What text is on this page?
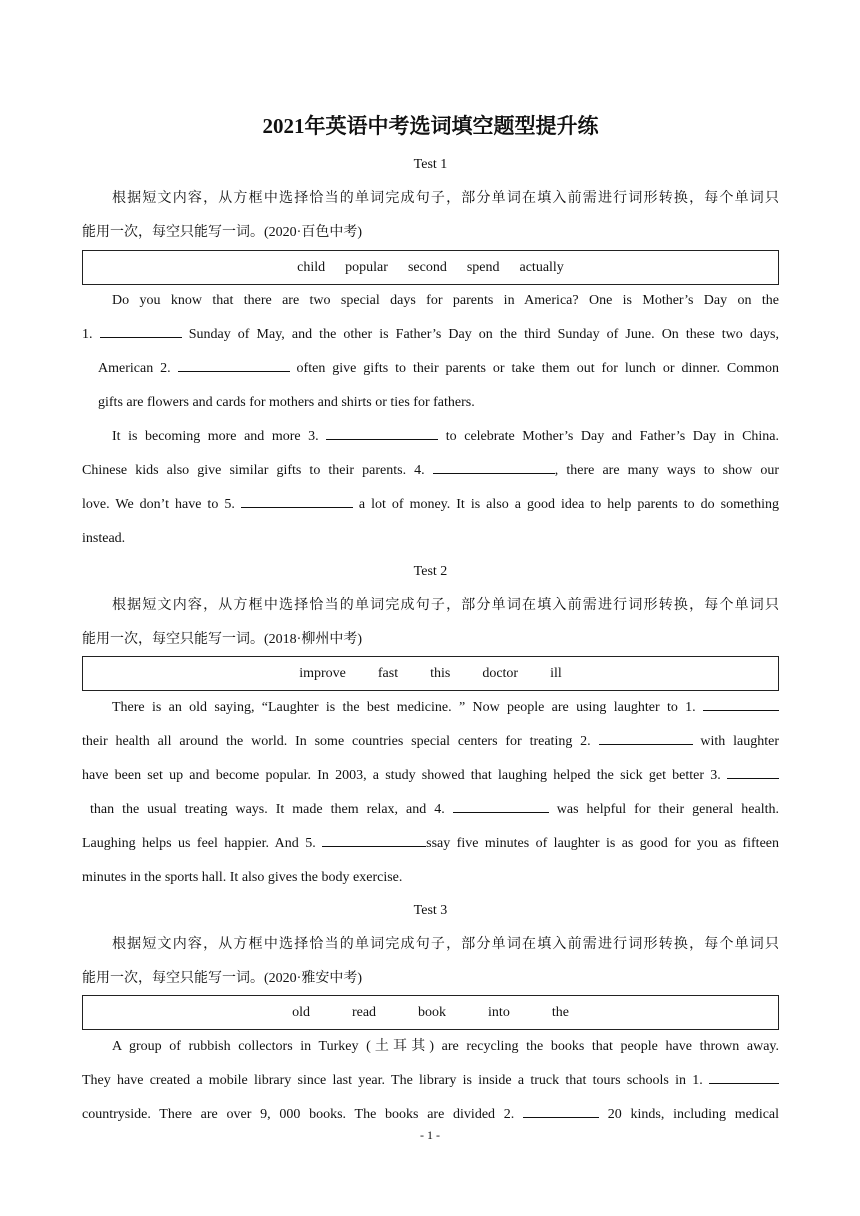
2021年英语中考选词填空题型提升练
Test 1
根据短文内容，从方框中选择恰当的单词完成句子，部分单词在填入前需进行词形转换，每个单词只
能用一次，每空只能写一词。(2020·百色中考)
child popular second spend actually
Do you know that there are two special days for parents in America? One is Mother’s Day on the
1.	Sunday of May, and the other is Father’s Day on the third Sunday of June. On these two days,
American 2.	often give gifts to their parents or take them out for lunch or dinner. Common
gifts are flowers and cards for mothers and shirts or ties for fathers.
It is becoming more and more 3.	to celebrate Mother’s Day and Father’s Day in China.
Chinese kids also give similar gifts to their parents. 4.	, there are many ways to show our
love. We don’t have to 5.	a lot of money. It is also a good idea to help parents to do something
instead.
Test 2
根据短文内容，从方框中选择恰当的单词完成句子，部分单词在填入前需进行词形转换，每个单词只
能用一次，每空只能写一词。(2018·柳州中考)
improve fast this doctor ill
There is an old saying, “Laughter is the best medicine. ” Now people are using laughter to 1.
their health all around the world. In some countries special centers for treating 2.	with laughter
have been set up and become popular. In 2003, a study showed that laughing helped the sick get better 3.
than the usual treating ways. It made them relax, and 4.	was helpful for their general health.
Laughing helps us feel happier. And 5.	ssay five minutes of laughter is as good for you as fifteen
minutes in the sports hall. It also gives the body exercise.
Test 3
根据短文内容，从方框中选择恰当的单词完成句子，部分单词在填入前需进行词形转换，每个单词只
能用一次，每空只能写一词。(2020·雅安中考)
old	read	book	into	the
A group of rubbish collectors in Turkey (土耳其) are recycling the books that people have thrown away.
They have created a mobile library since last year. The library is inside a truck that tours schools in 1.
countryside. There are over 9, 000 books. The books are divided 2.	20 kinds, including medical
- 1 -
